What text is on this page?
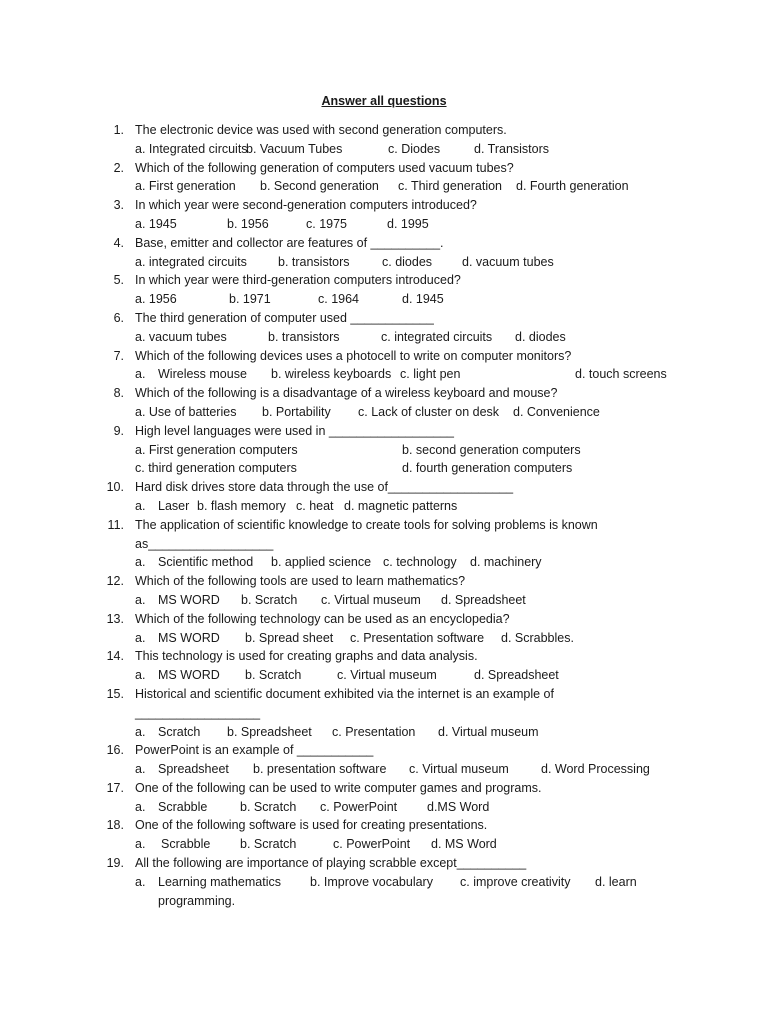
Answer all questions
1. The electronic device was used with second generation computers.
a. Integrated circuits
b. Vacuum Tubes	c. Diodes	d. Transistors
2. Which of the following generation of computers used vacuum tubes?
a. First generation b. Second generation c. Third generation d. Fourth generation
3. In which year were second-generation computers introduced?
a. 1945	b. 1956	c. 1975	d. 1995
4. Base, emitter and collector are features of __________.
a. integrated circuits b. transistors	c. diodes d. vacuum tubes
5. In which year were third-generation computers introduced?
a. 1956	b. 1971	c. 1964	d. 1945
6. The third generation of computer used ____________
a. vacuum tubes	b. transistors	c. integrated circuits d. diodes
7. Which of the following devices uses a photocell to write on computer monitors?
a. Wireless mouse b. wireless keyboards c. light pen	d. touch screens
8. Which of the following is a disadvantage of a wireless keyboard and mouse?
a. Use of batteries b. Portability c. Lack of cluster on desk d. Convenience
9. High level languages were used in __________________
a. First generation computers	b. second generation computers
c. third generation computers	d. fourth generation computers
10. Hard disk drives store data through the use of__________________
a. Laser b. flash memory c. heat d. magnetic patterns
11. The application of scientific knowledge to create tools for solving problems is known
as__________________
a. Scientific method b. applied science c. technology d. machinery
12. Which of the following tools are used to learn mathematics?
a. MS WORD b. Scratch c. Virtual museum d. Spreadsheet
13. Which of the following technology can be used as an encyclopedia?
a. MS WORD b. Spread sheet c. Presentation software d. Scrabbles.
14. This technology is used for creating graphs and data analysis.
a. MS WORD b. Scratch	c. Virtual museum	d. Spreadsheet
15. Historical and scientific document exhibited via the internet is an example of
__________________
a. Scratch b. Spreadsheet c. Presentation d. Virtual museum
16. PowerPoint is an example of ___________
a. Spreadsheet b. presentation software c. Virtual museum	d. Word Processing
17. One of the following can be used to write computer games and programs.
a. Scrabble	b. Scratch c. PowerPoint d.MS Word
18. One of the following software is used for creating presentations.
a. Scrabble b. Scratch	c. PowerPoint d. MS Word
19. All the following are importance of playing scrabble except__________
a. Learning mathematics b. Improve vocabulary c. improve creativity d. learn
programming.
